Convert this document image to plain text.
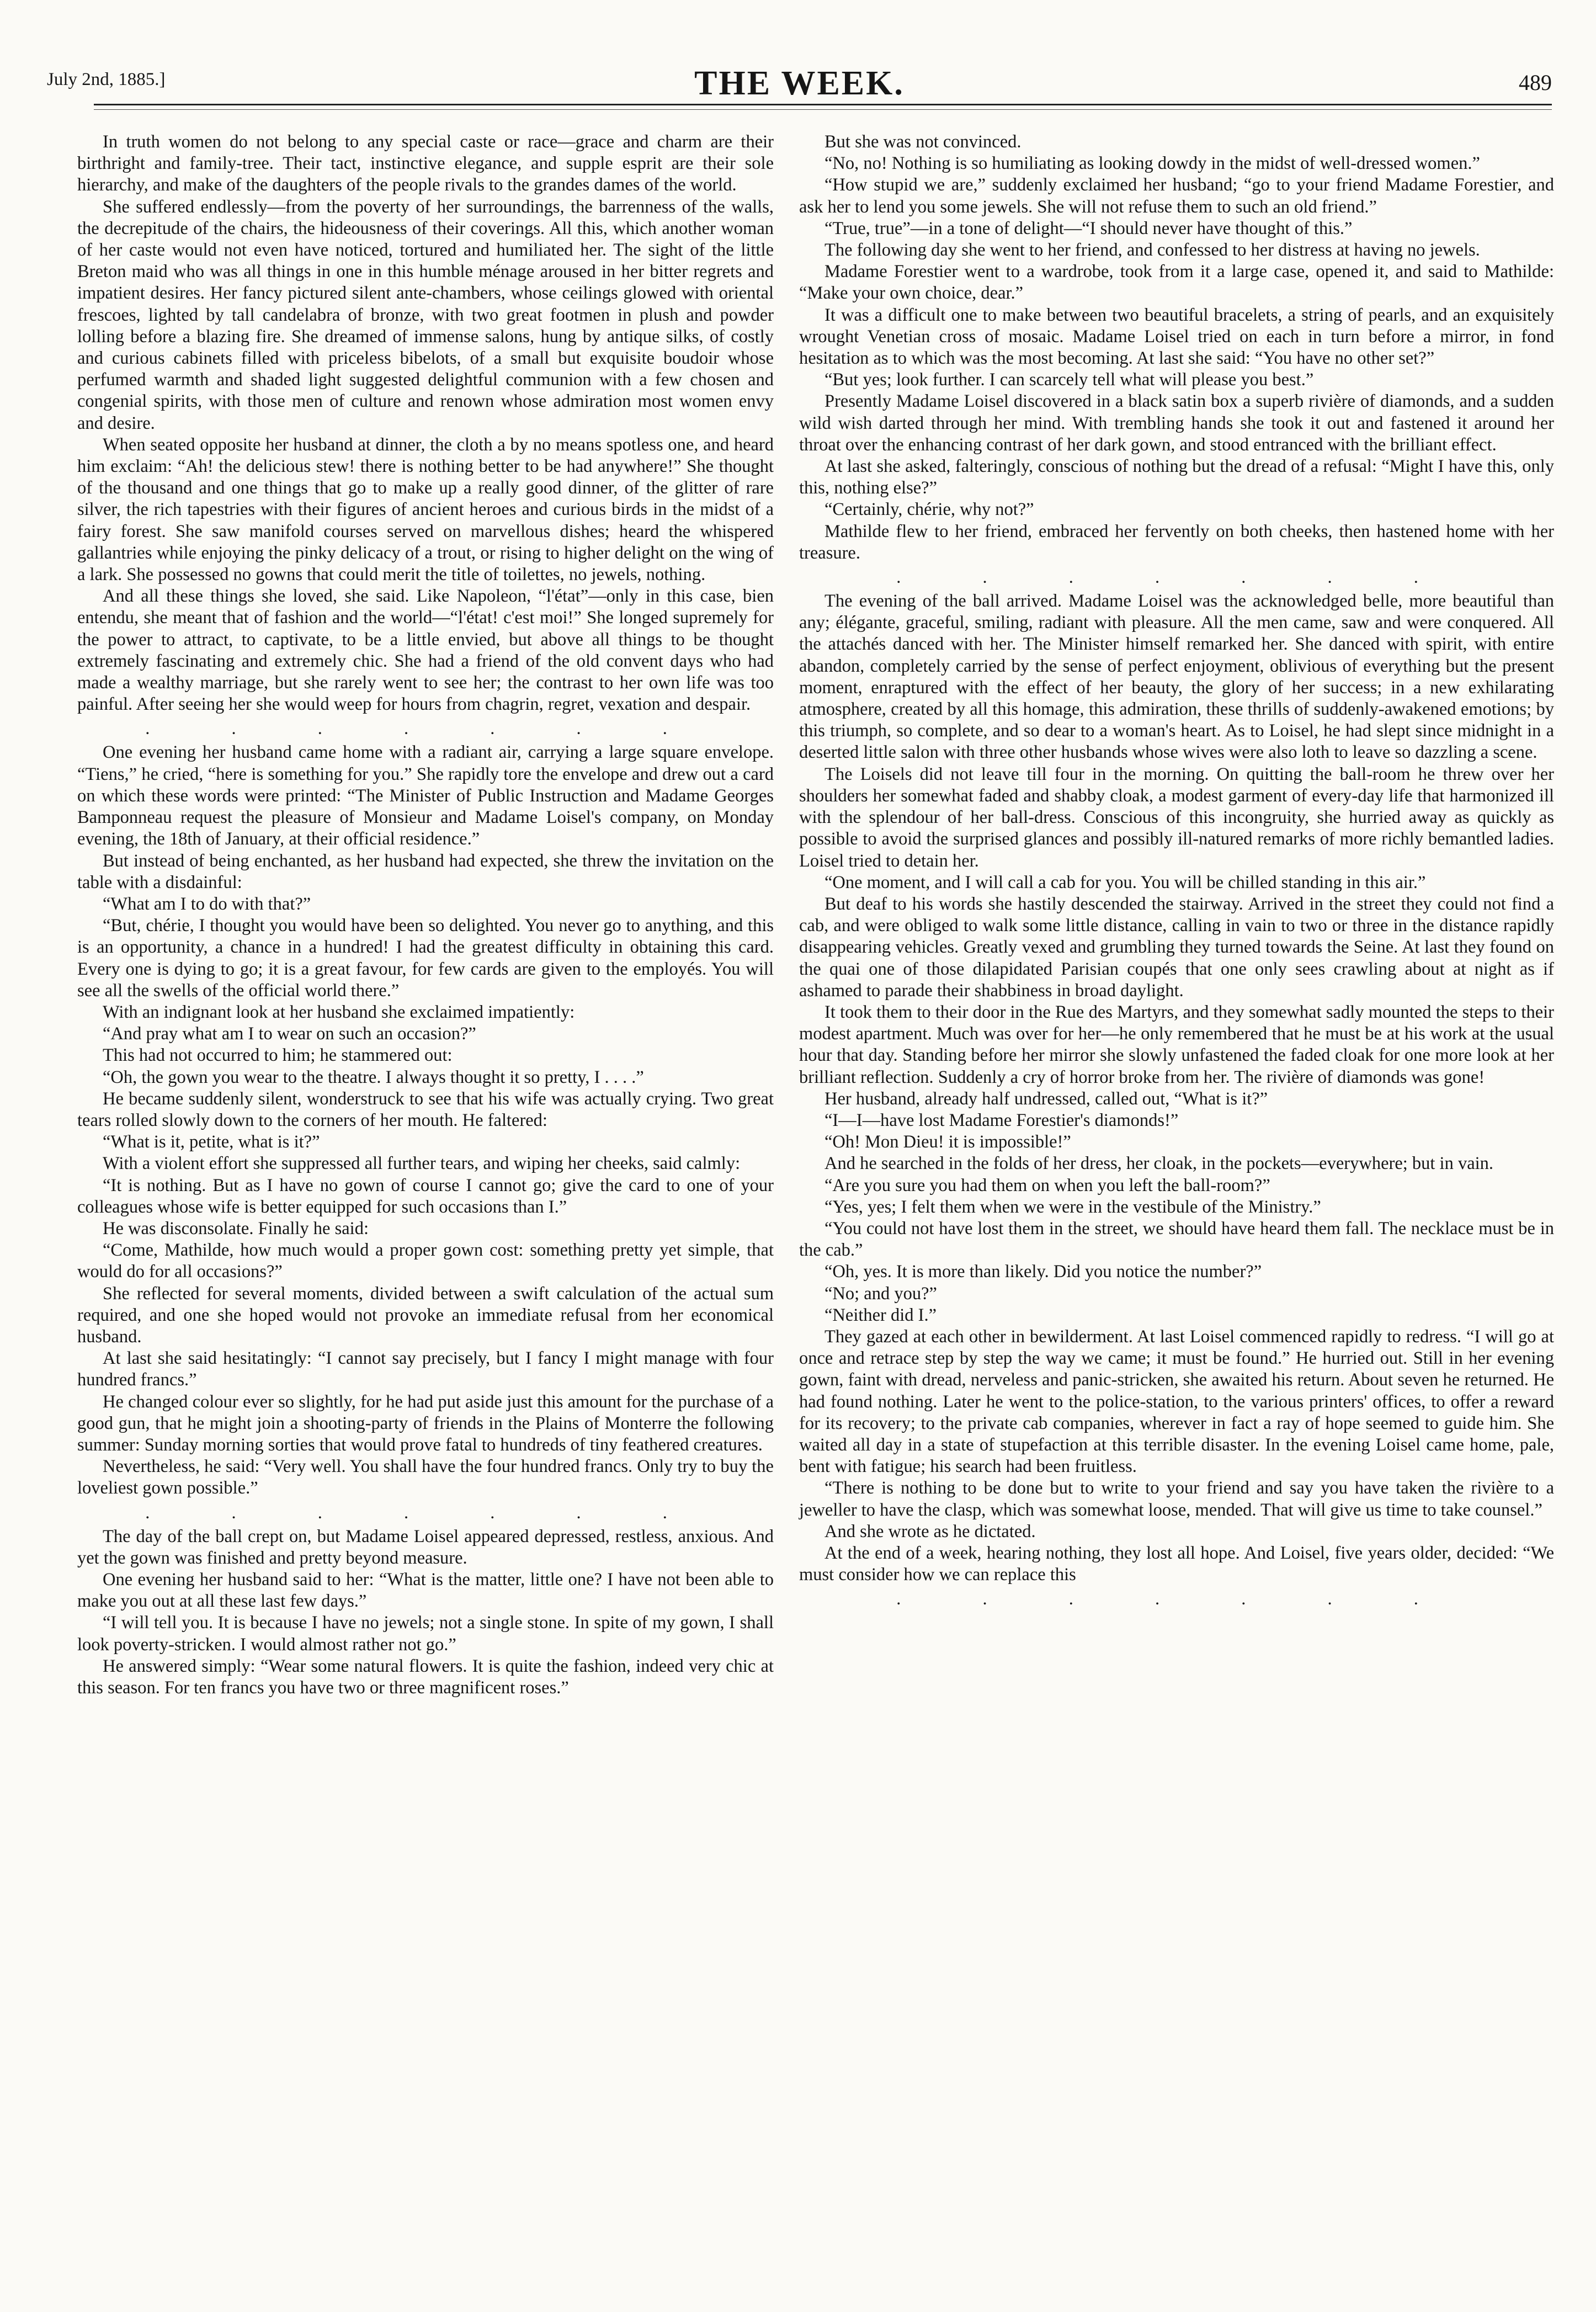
July 2nd, 1885.]	THE WEEK.	489

In truth women do not belong to any special caste or race—grace and charm are their birthright and family-tree. Their tact, instinctive elegance, and supple esprit are their sole hierarchy, and make of the daughters of the people rivals to the grandes dames of the world.

She suffered endlessly—from the poverty of her surroundings, the barrenness of the walls, the decrepitude of the chairs, the hideousness of their coverings. All this, which another woman of her caste would not even have noticed, tortured and humiliated her. The sight of the little Breton maid who was all things in one in this humble ménage aroused in her bitter regrets and impatient desires. Her fancy pictured silent ante-chambers, whose ceilings glowed with oriental frescoes, lighted by tall candelabra of bronze, with two great footmen in plush and powder lolling before a blazing fire. She dreamed of immense salons, hung by antique silks, of costly and curious cabinets filled with priceless bibelots, of a small but exquisite boudoir whose perfumed warmth and shaded light suggested delightful communion with a few chosen and congenial spirits, with those men of culture and renown whose admiration most women envy and desire.

When seated opposite her husband at dinner, the cloth a by no means spotless one, and heard him exclaim: “Ah! the delicious stew! there is nothing better to be had anywhere!” She thought of the thousand and one things that go to make up a really good dinner, of the glitter of rare silver, the rich tapestries with their figures of ancient heroes and curious birds in the midst of a fairy forest. She saw manifold courses served on marvellous dishes; heard the whispered gallantries while enjoying the pinky delicacy of a trout, or rising to higher delight on the wing of a lark. She possessed no gowns that could merit the title of toilettes, no jewels, nothing.

And all these things she loved, she said. Like Napoleon, “l'état”—only in this case, bien entendu, she meant that of fashion and the world—“l'état! c'est moi!” She longed supremely for the power to attract, to captivate, to be a little envied, but above all things to be thought extremely fascinating and extremely chic. She had a friend of the old convent days who had made a wealthy marriage, but she rarely went to see her; the contrast to her own life was too painful. After seeing her she would weep for hours from chagrin, regret, vexation and despair.

. . . . . . .

One evening her husband came home with a radiant air, carrying a large square envelope. “Tiens,” he cried, “here is something for you.” She rapidly tore the envelope and drew out a card on which these words were printed: “The Minister of Public Instruction and Madame Georges Bamponneau request the pleasure of Monsieur and Madame Loisel's company, on Monday evening, the 18th of January, at their official residence.”

But instead of being enchanted, as her husband had expected, she threw the invitation on the table with a disdainful:

“What am I to do with that?”

“But, chérie, I thought you would have been so delighted. You never go to anything, and this is an opportunity, a chance in a hundred! I had the greatest difficulty in obtaining this card. Every one is dying to go; it is a great favour, for few cards are given to the employés. You will see all the swells of the official world there.”

With an indignant look at her husband she exclaimed impatiently:

“And pray what am I to wear on such an occasion?”

This had not occurred to him; he stammered out:

“Oh, the gown you wear to the theatre. I always thought it so pretty, I . . . .”

He became suddenly silent, wonderstruck to see that his wife was actually crying. Two great tears rolled slowly down to the corners of her mouth. He faltered:

“What is it, petite, what is it?”

With a violent effort she suppressed all further tears, and wiping her cheeks, said calmly:

“It is nothing. But as I have no gown of course I cannot go; give the card to one of your colleagues whose wife is better equipped for such occasions than I.”

He was disconsolate. Finally he said:

“Come, Mathilde, how much would a proper gown cost: something pretty yet simple, that would do for all occasions?”

She reflected for several moments, divided between a swift calculation of the actual sum required, and one she hoped would not provoke an immediate refusal from her economical husband.

At last she said hesitatingly: “I cannot say precisely, but I fancy I might manage with four hundred francs.”

He changed colour ever so slightly, for he had put aside just this amount for the purchase of a good gun, that he might join a shooting-party of friends in the Plains of Monterre the following summer: Sunday morning sorties that would prove fatal to hundreds of tiny feathered creatures.

Nevertheless, he said: “Very well. You shall have the four hundred francs. Only try to buy the loveliest gown possible.”

. . . . . . .

The day of the ball crept on, but Madame Loisel appeared depressed, restless, anxious. And yet the gown was finished and pretty beyond measure.

One evening her husband said to her: “What is the matter, little one? I have not been able to make you out at all these last few days.”

“I will tell you. It is because I have no jewels; not a single stone. In spite of my gown, I shall look poverty-stricken. I would almost rather not go.”

He answered simply: “Wear some natural flowers. It is quite the fashion, indeed very chic at this season. For ten francs you have two or three magnificent roses.”

But she was not convinced.

“No, no! Nothing is so humiliating as looking dowdy in the midst of well-dressed women.”

“How stupid we are,” suddenly exclaimed her husband; “go to your friend Madame Forestier, and ask her to lend you some jewels. She will not refuse them to such an old friend.”

“True, true”—in a tone of delight—“I should never have thought of this.”

The following day she went to her friend, and confessed to her distress at having no jewels.

Madame Forestier went to a wardrobe, took from it a large case, opened it, and said to Mathilde: “Make your own choice, dear.”

It was a difficult one to make between two beautiful bracelets, a string of pearls, and an exquisitely wrought Venetian cross of mosaic. Madame Loisel tried on each in turn before a mirror, in fond hesitation as to which was the most becoming. At last she said: “You have no other set?”

“But yes; look further. I can scarcely tell what will please you best.”

Presently Madame Loisel discovered in a black satin box a superb rivière of diamonds, and a sudden wild wish darted through her mind. With trembling hands she took it out and fastened it around her throat over the enhancing contrast of her dark gown, and stood entranced with the brilliant effect.

At last she asked, falteringly, conscious of nothing but the dread of a refusal: “Might I have this, only this, nothing else?”

“Certainly, chérie, why not?”

Mathilde flew to her friend, embraced her fervently on both cheeks, then hastened home with her treasure.

. . . . . . .

The evening of the ball arrived. Madame Loisel was the acknowledged belle, more beautiful than any; élégante, graceful, smiling, radiant with pleasure. All the men came, saw and were conquered. All the attachés danced with her. The Minister himself remarked her. She danced with spirit, with entire abandon, completely carried by the sense of perfect enjoyment, oblivious of everything but the present moment, enraptured with the effect of her beauty, the glory of her success; in a new exhilarating atmosphere, created by all this homage, this admiration, these thrills of suddenly-awakened emotions; by this triumph, so complete, and so dear to a woman's heart. As to Loisel, he had slept since midnight in a deserted little salon with three other husbands whose wives were also loth to leave so dazzling a scene.

The Loisels did not leave till four in the morning. On quitting the ball-room he threw over her shoulders her somewhat faded and shabby cloak, a modest garment of every-day life that harmonized ill with the splendour of her ball-dress. Conscious of this incongruity, she hurried away as quickly as possible to avoid the surprised glances and possibly ill-natured remarks of more richly bemantled ladies. Loisel tried to detain her.

“One moment, and I will call a cab for you. You will be chilled standing in this air.”

But deaf to his words she hastily descended the stairway. Arrived in the street they could not find a cab, and were obliged to walk some little distance, calling in vain to two or three in the distance rapidly disappearing vehicles. Greatly vexed and grumbling they turned towards the Seine. At last they found on the quai one of those dilapidated Parisian coupés that one only sees crawling about at night as if ashamed to parade their shabbiness in broad daylight.

It took them to their door in the Rue des Martyrs, and they somewhat sadly mounted the steps to their modest apartment. Much was over for her—he only remembered that he must be at his work at the usual hour that day. Standing before her mirror she slowly unfastened the faded cloak for one more look at her brilliant reflection. Suddenly a cry of horror broke from her. The rivière of diamonds was gone!

Her husband, already half undressed, called out, “What is it?”

“I—I—have lost Madame Forestier's diamonds!”

“Oh! Mon Dieu! it is impossible!”

And he searched in the folds of her dress, her cloak, in the pockets—everywhere; but in vain.

“Are you sure you had them on when you left the ball-room?”

“Yes, yes; I felt them when we were in the vestibule of the Ministry.”

“You could not have lost them in the street, we should have heard them fall. The necklace must be in the cab.”

“Oh, yes. It is more than likely. Did you notice the number?”

“No; and you?”

“Neither did I.”

They gazed at each other in bewilderment. At last Loisel commenced rapidly to redress. “I will go at once and retrace step by step the way we came; it must be found.” He hurried out. Still in her evening gown, faint with dread, nerveless and panic-stricken, she awaited his return. About seven he returned. He had found nothing. Later he went to the police-station, to the various printers' offices, to offer a reward for its recovery; to the private cab companies, wherever in fact a ray of hope seemed to guide him. She waited all day in a state of stupefaction at this terrible disaster. In the evening Loisel came home, pale, bent with fatigue; his search had been fruitless.

“There is nothing to be done but to write to your friend and say you have taken the rivière to a jeweller to have the clasp, which was somewhat loose, mended. That will give us time to take counsel.”

And she wrote as he dictated.

At the end of a week, hearing nothing, they lost all hope. And Loisel, five years older, decided: “We must consider how we can replace this

. . . . . . .
